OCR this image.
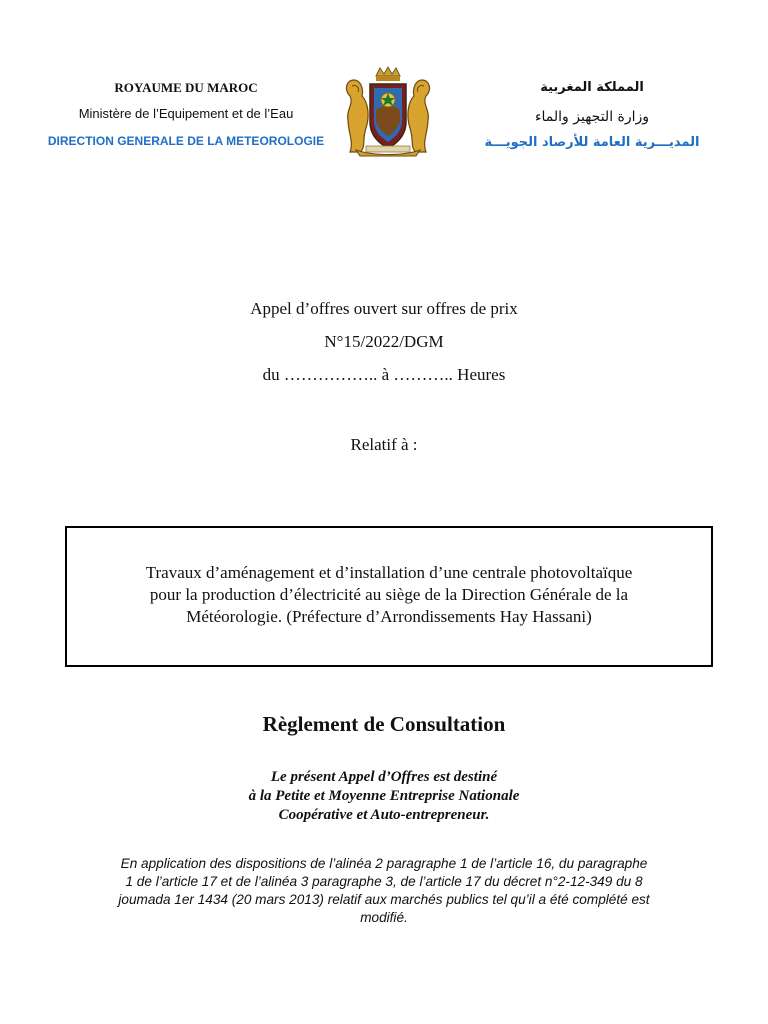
ROYAUME DU MAROC
Ministère de l’Equipement et de l’Eau
DIRECTION GENERALE DE LA METEOROLOGIE
المملكة المغربية
وزارة التجهيز والماء
المديـــرية العامة للأرصاد الجويـــة
Appel d’offres ouvert sur offres de prix
N°15/2022/DGM
du …………….. à ……….. Heures
Relatif à :
Travaux d’aménagement et d’installation d’une centrale photovoltaïque
pour la production d’électricité au siège de la Direction Générale de la
Météorologie. (Préfecture d’Arrondissements Hay Hassani)
Règlement de Consultation
Le présent Appel d’Offres est destiné
à la Petite et Moyenne Entreprise Nationale
Coopérative et Auto-entrepreneur.
En application des dispositions de l’alinéa 2 paragraphe 1 de l’article 16, du paragraphe
1 de l’article 17 et de l’alinéa 3 paragraphe 3, de l’article 17 du décret n°2-12-349 du 8
joumada 1er 1434 (20 mars 2013) relatif aux marchés publics tel qu’il a été complété est
modifié.
